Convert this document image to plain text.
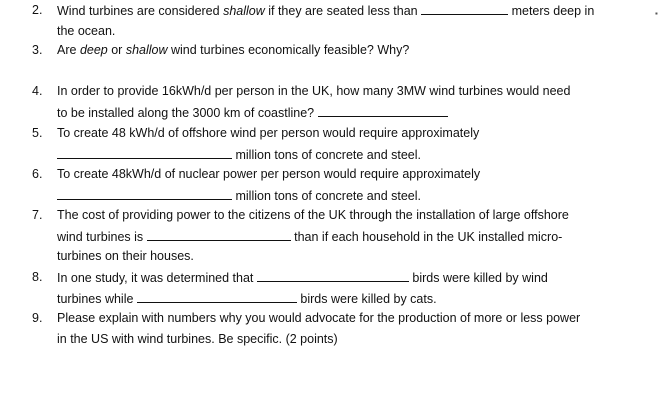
2. Wind turbines are considered shallow if they are seated less than	meters deep in
the ocean.
▪
3. Are deep or shallow wind turbines economically feasible? Why?
4. In order to provide 16kWh/d per person in the UK, how many 3MW wind turbines would need
to be installed along the 3000 km of coastline?
5. To create 48 kWh/d of offshore wind per person would require approximately
million tons of concrete and steel.
6. To create 48kWh/d of nuclear power per person would require approximately
million tons of concrete and steel.
7. The cost of providing power to the citizens of the UK through the installation of large offshore
wind turbines is	than if each household in the UK installed micro-
turbines on their houses.
8. In one study, it was determined that	birds were killed by wind
turbines while	birds were killed by cats.
9. Please explain with numbers why you would advocate for the production of more or less power
in the US with wind turbines. Be specific. (2 points)
